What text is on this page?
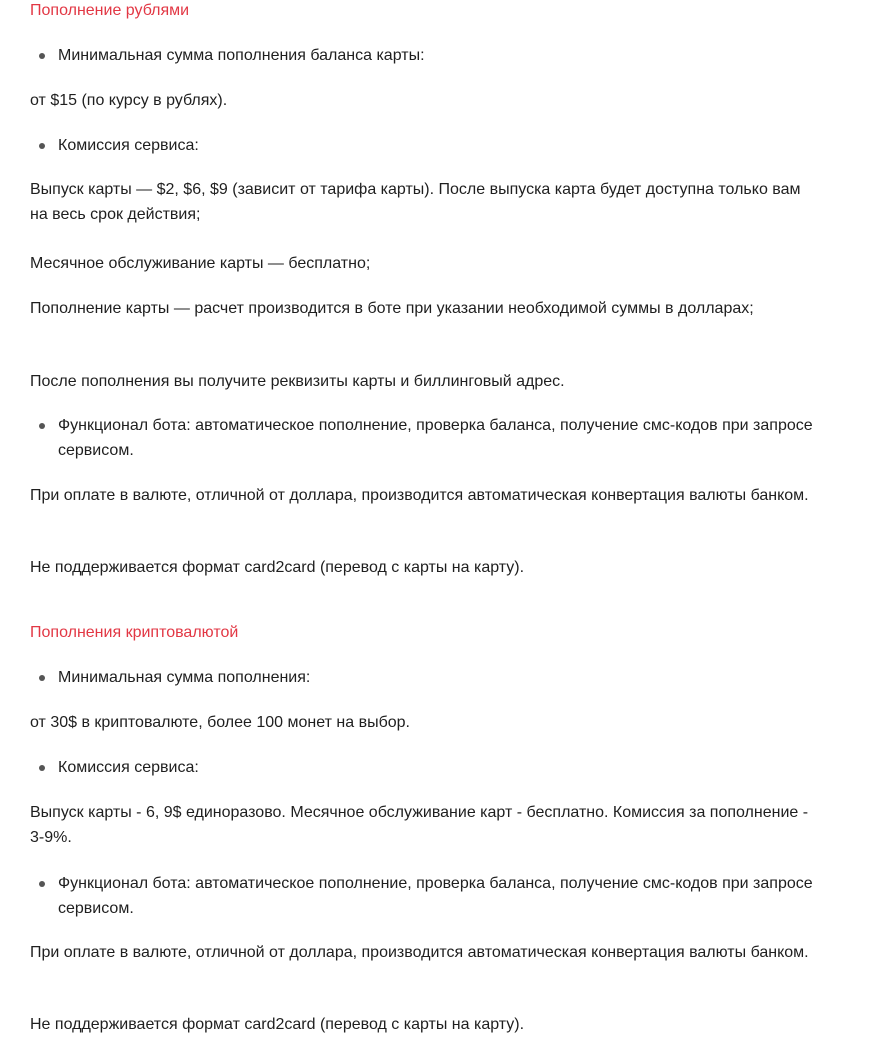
Пополнение рублями
Минимальная сумма пополнения баланса карты:

от $15 (по курсу в рублях).

Комиссия сервиса:

Выпуск карты — $2, $6, $9 (зависит от тарифа карты). После выпуска карта будет доступна только вам на весь срок действия;

Месячное обслуживание карты — бесплатно;

Пополнение карты — расчет производится в боте при указании необходимой суммы в долларах;

После пополнения вы получите реквизиты карты и биллинговый адрес.

Функционал бота: автоматическое пополнение, проверка баланса, получение смс-кодов при запросе сервисом.

При оплате в валюте, отличной от доллара, производится автоматическая конвертация валюты банком.

Не поддерживается формат card2card (перевод с карты на карту).

Пополнения криптовалютой
Минимальная сумма пополнения:

от 30$ в криптовалюте, более 100 монет на выбор.

Комиссия сервиса:

Выпуск карты - 6, 9$ единоразово. Месячное обслуживание карт - бесплатно. Комиссия за пополнение - 3-9%.

Функционал бота: автоматическое пополнение, проверка баланса, получение смс-кодов при запросе сервисом.

При оплате в валюте, отличной от доллара, производится автоматическая конвертация валюты банком.

Не поддерживается формат card2card (перевод с карты на карту).
